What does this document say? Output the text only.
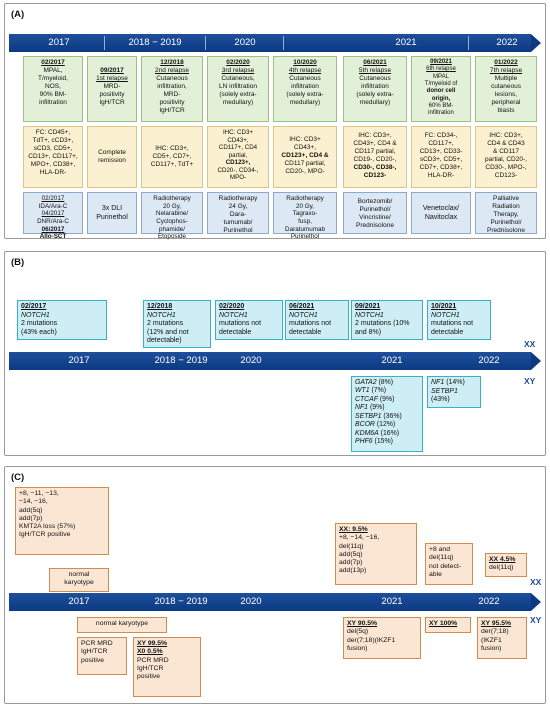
(A)
2017	2018 − 2019	2020	2021	2022
02/2017
MPAL,
T/myeloid,
NOS,
90% BM-
infiltration
09/2017
1st relapse
MRD-
positivity
IgH/TCR
12/2018
2nd relapse
Cutaneous
infiltration,
MRD-
positivity
IgH/TCR
02/2020
3rd relapse
Cutaneous,
LN infiltration
(solely extra-
medullary)
10/2020
4th relapse
Cutaneous
infiltration
(solely extra-
medullary)
06/2021
5th relapse
Cutaneous
infiltration
(solely extra-
medullary)
09/2021
6th relapse
MPAL
T/myeloid of
donor cell
origin,
60% BM-
infiltration
01/2022
7th relapse
Multiple
cutaneous
lesions,
peripheral
blasts
FC: CD45+,
TdT+, cCD3+,
sCD3, CD5+,
CD13+, CD117+,
MPO+, CD38+,
HLA-DR-
Complete
remission
IHC: CD3+,
CD5+, CD7+,
CD117+, TdT+
IHC: CD3+
CD43+,
CD117+, CD4
partial,
CD123+,
CD20-, CD34-,
MPO-
IHC: CD3+
CD43+,
CD123+, CD4 &
CD117 partial,
CD20-, MPO-
IHC: CD3+,
CD43+, CD4 &
CD117 partial,
CD19-, CD20-,
CD30-, CD38-,
CD123-
FC: CD34-,
CD117+,
CD13+, CD33-
sCD3+, CD5+,
CD7+, CD38+,
HLA-DR-
IHC: CD3+,
CD4 & CD43
& CD117
partial, CD20-,
CD30-, MPO-,
CD123-
02/2017
IDA/Ara-C
04/2017
DNR/Ara-C
06/2017
Allo-SCT
3x DLI
Purinethol
Radiotherapy
20 Gy,
Nelarabine/
Cyclophos-
phamide/
Etoposide
Radiotherapy
24 Gy,
Dara-
tumumab/
Purinethol
Radiotherapy
20 Gy,
Tagraxo-
fusp,
Daratumumab
Purinethol
Bortezomib/
Purinethol/
Vincristine/
Prednisolone
Venetoclax/
Navitoclax
Palliative
Radiation
Therapy,
Purinethol/
Prednisolone
(B)
02/2017
NOTCH1
2 mutations
(43% each)
12/2018
NOTCH1
2 mutations
(12% and not
detectable)
02/2020
NOTCH1
mutations not
detectable
06/2021
NOTCH1
mutations not
detectable
09/2021
NOTCH1
2 mutations (10%
and 8%)
10/2021
NOTCH1
mutations not
detectable
XX
2017	2018 − 2019	2020	2021	2022
XY
GATA2 (8%)
WT1 (7%)
CTCAF (9%)
NF1 (9%)
SETBP1 (36%)
BCOR (12%)
KDM6A (16%)
PHF6 (15%)
NF1 (14%)
SETBP1
(43%)
(C)
+8, −11, −13,
−14, −16,
add(5q)
add(7p)
KMT2A loss (57%)
IgH/TCR positive
normal karyotype
XX: 9.5%
+8, −14, −16,
del(11q)
add(5q)
add(7p)
add(13p)
+8 and
del(11q)
not detect-
able
XX 4.5%
del(11q)
XX
2017	2018 − 2019	2020	2021	2022
XY
normal karyotype
PCR MRD
IgH/TCR
positive
XY 99.5%
X0 0.5%
PCR MRD
IgH/TCR
positive
XY 90.5%
del(5q)
der(7;18)(IKZF1
fusion)
XY 100%	XY 95.5%
der(7;18)
(IKZF1
fusion)
